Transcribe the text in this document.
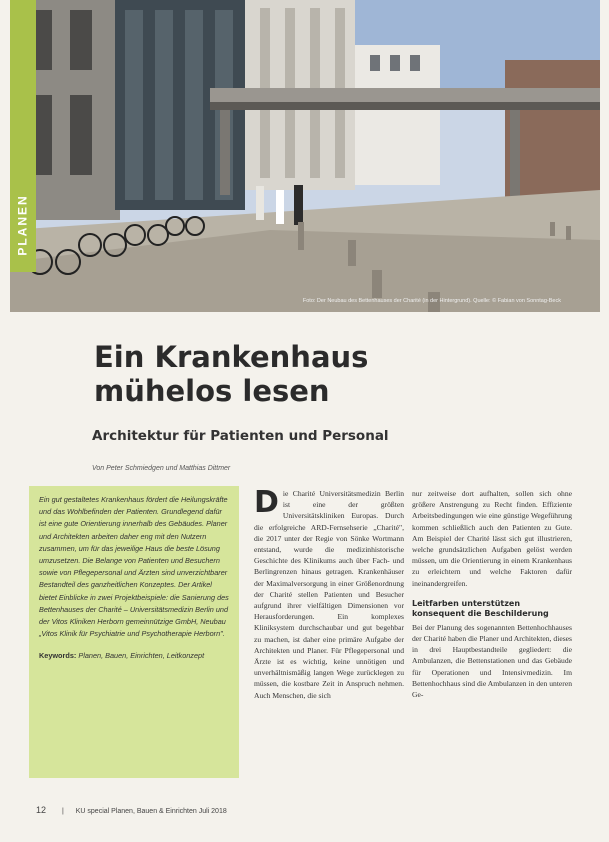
PLANEN
Foto: Der Neubau des Bettenhauses der Charité (in der Hintergrund). Quelle: © Fabian von Sonntag-Beck
Ein Krankenhaus
mühelos lesen
Architektur für Patienten und Personal
Von Peter Schmiedgen und Matthias Dittmer

Ein gut gestaltetes Krankenhaus fördert die Heilungskräfte und das Wohlbefinden der Patienten. Grundlegend dafür ist eine gute Orientierung innerhalb des Gebäudes. Planer und Architekten arbeiten daher eng mit den Nutzern zusammen, um für das jeweilige Haus die beste Lösung umzusetzen. Die Belange von Patienten und Besuchern sowie von Pflegepersonal und Ärzten sind unverzichtbarer Bestandteil des ganzheitlichen Konzeptes. Der Artikel bietet Einblicke in zwei Projektbeispiele: die Sanierung des Bettenhauses der Charité – Universitätsmedizin Berlin und der Vitos Kliniken Herborn gemeinnützige GmbH, Neubau „Vitos Klinik für Psychiatrie und Psychotherapie Herborn".

Keywords: Planen, Bauen, Einrichten, Leitkonzept
D ie Charité Universitätsmedizin Berlin ist eine der größten Universitätskliniken Europas. Durch die erfolgreiche ARD-Fernsehserie „Charité", die 2017 unter der Regie von Sönke Wortmann entstand, wurde die medizinhistorische Geschichte des Klinikums auch über Fach- und Berlingrenzen hinaus getragen. Krankenhäuser der Maximalversorgung in einer Größenordnung der Charité stellen Patienten und Besucher aufgrund ihrer vielfältigen Dimensionen vor Herausforderungen. Ein komplexes Kliniksystem durchschaubar und gut begehbar zu machen, ist daher eine primäre Aufgabe der Architekten und Planer. Für Pflegepersonal und Ärzte ist es wichtig, keine unnötigen und unverhältnismäßig langen Wege zurücklegen zu müssen, die kostbare Zeit in Anspruch nehmen. Auch Menschen, die sich

nur zeitweise dort aufhalten, sollen sich ohne größere Anstrengung zu Recht finden. Effiziente Arbeitsbedingungen wie eine günstige Wegeführung kommen schließlich auch den Patienten zu Gute. Am Beispiel der Charité lässt sich gut illustrieren, welche grundsätzlichen Aufgaben gelöst werden müssen, um die Orientierung in einem Krankenhaus zu erleichtern und welche Faktoren dafür ineinandergreifen.

Leitfarben unterstützen konsequent die Beschilderung

Bei der Planung des sogenannten Bettenhochhauses der Charité haben die Planer und Architekten, dieses in drei Hauptbestandteile gegliedert: die Ambulanzen, die Bettenstationen und das Gebäude für Operationen und Intensivmedizin. Im Bettenhochhaus sind die Ambulanzen in den unteren Ge-

12 | KU special Planen, Bauen & Einrichten Juli 2018
